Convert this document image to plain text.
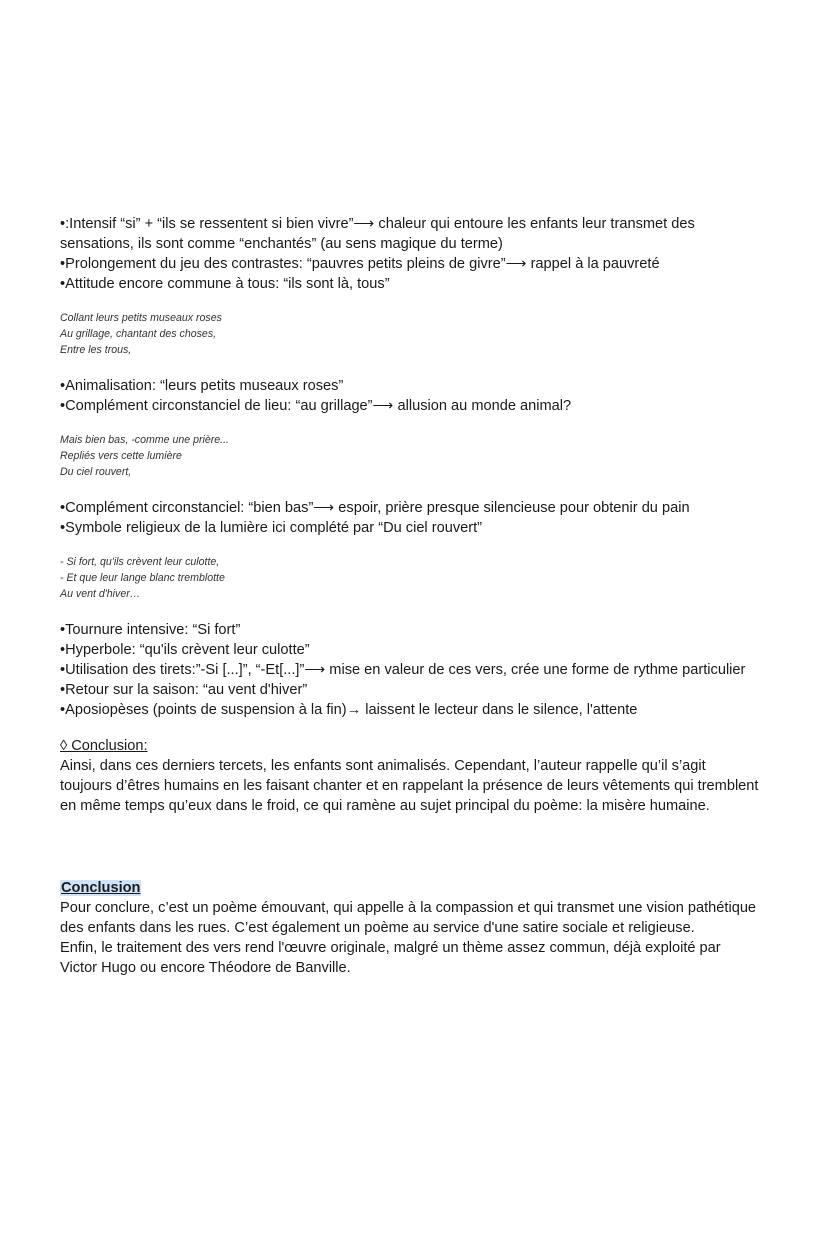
•:Intensif “si” + “ils se ressentent si bien vivre”⟶ chaleur qui entoure les enfants leur transmet des sensations, ils sont comme “enchantés” (au sens magique du terme)

•Prolongement du jeu des contrastes: “pauvres petits pleins de givre”⟶ rappel à la pauvreté

•Attitude encore commune à tous: “ils sont là, tous”

Collant leurs petits museaux roses

Au grillage, chantant des choses,

Entre les trous,

•Animalisation: “leurs petits museaux roses”

•Complément circonstanciel de lieu: “au grillage”⟶ allusion au monde animal?

Mais bien bas, -comme une prière...

Repliés vers cette lumière

Du ciel rouvert,

•Complément circonstanciel: “bien bas”⟶ espoir, prière presque silencieuse pour obtenir du pain

•Symbole religieux de la lumière ici complété par “Du ciel rouvert”

- Si fort, qu'ils crèvent leur culotte,

- Et que leur lange blanc tremblotte

Au vent d'hiver…

•Tournure intensive: “Si fort”

•Hyperbole: “qu'ils crèvent leur culotte”

•Utilisation des tirets:”-Si [...]”, “-Et[...]”⟶ mise en valeur de ces vers, crée une forme de rythme particulier

•Retour sur la saison: “au vent d'hiver”

•Aposiopèses (points de suspension à la fin)→ laissent le lecteur dans le silence, l'attente

◊ Conclusion:

Ainsi, dans ces derniers tercets, les enfants sont animalisés. Cependant, l’auteur rappelle qu’il s’agit toujours d’êtres humains en les faisant chanter et en rappelant la présence de leurs vêtements qui tremblent en même temps qu’eux dans le froid, ce qui ramène au sujet principal du poème: la misère humaine.

Conclusion

Pour conclure, c’est un poème émouvant, qui appelle à la compassion et qui transmet une vision pathétique des enfants dans les rues. C’est également un poème au service d'une satire sociale et religieuse.

Enfin, le traitement des vers rend l'œuvre originale, malgré un thème assez commun, déjà exploité par Victor Hugo ou encore Théodore de Banville.
